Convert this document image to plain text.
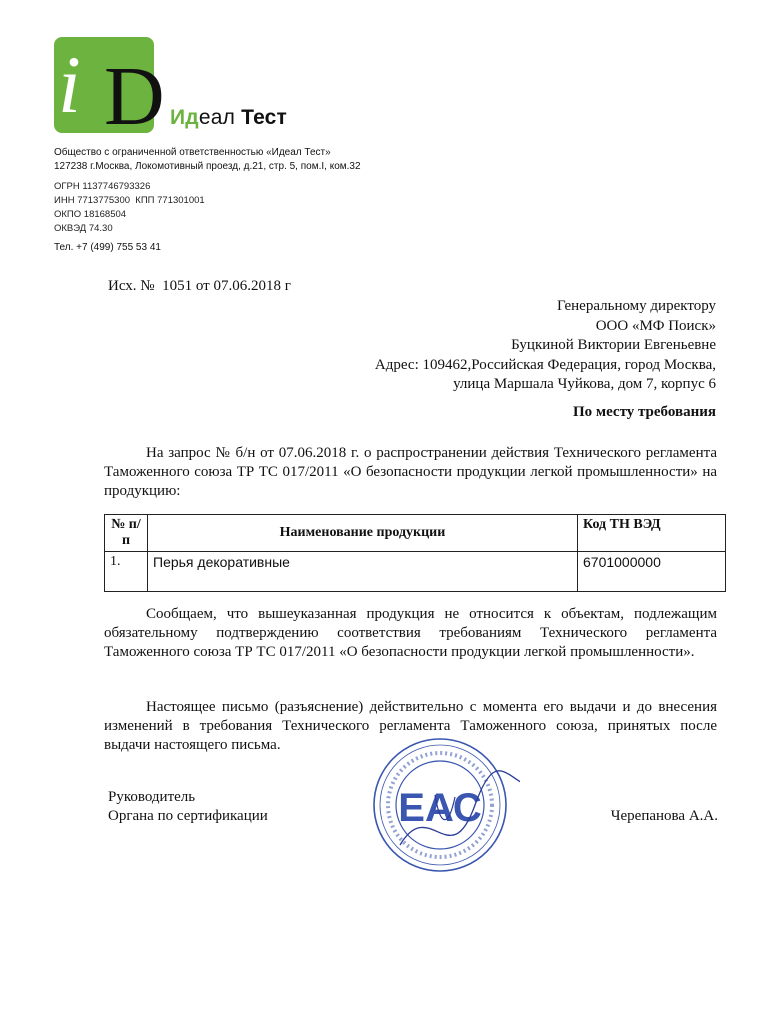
i D Идеал Тест
Общество с ограниченной ответственностью «Идеал Тест»
127238 г.Москва, Локомотивный проезд, д.21, стр. 5, пом.I, ком.32
ОГРН 1137746793326
ИНН 7713775300  КПП 771301001
ОКПО 18168504
ОКВЭД 74.30
Тел. +7 (499) 755 53 41
Исх. №  1051 от 07.06.2018 г
Генеральному директору
ООО «МФ Поиск»
Буцкиной Виктории Евгеньевне
Адрес: 109462,Российская Федерация, город Москва,
улица Маршала Чуйкова, дом 7, корпус 6
По месту требования
На запрос № б/н от 07.06.2018 г. о распространении действия Технического регламента Таможенного союза ТР ТС 017/2011 «О безопасности продукции легкой промышленности» на продукцию:
№ п/п	Наименование продукции	Код ТН ВЭД
1.	Перья декоративные	6701000000
Сообщаем, что вышеуказанная продукция не относится к объектам, подлежащим обязательному подтверждению соответствия требованиям Технического регламента Таможенного союза ТР ТС 017/2011 «О безопасности продукции легкой промышленности».
Настоящее письмо (разъяснение) действительно с момента его выдачи и до внесения изменений в требования Технического регламента Таможенного союза, принятых после выдачи настоящего письма.
Руководитель
Органа по сертификации	Черепанова А.А.
ЕАС
